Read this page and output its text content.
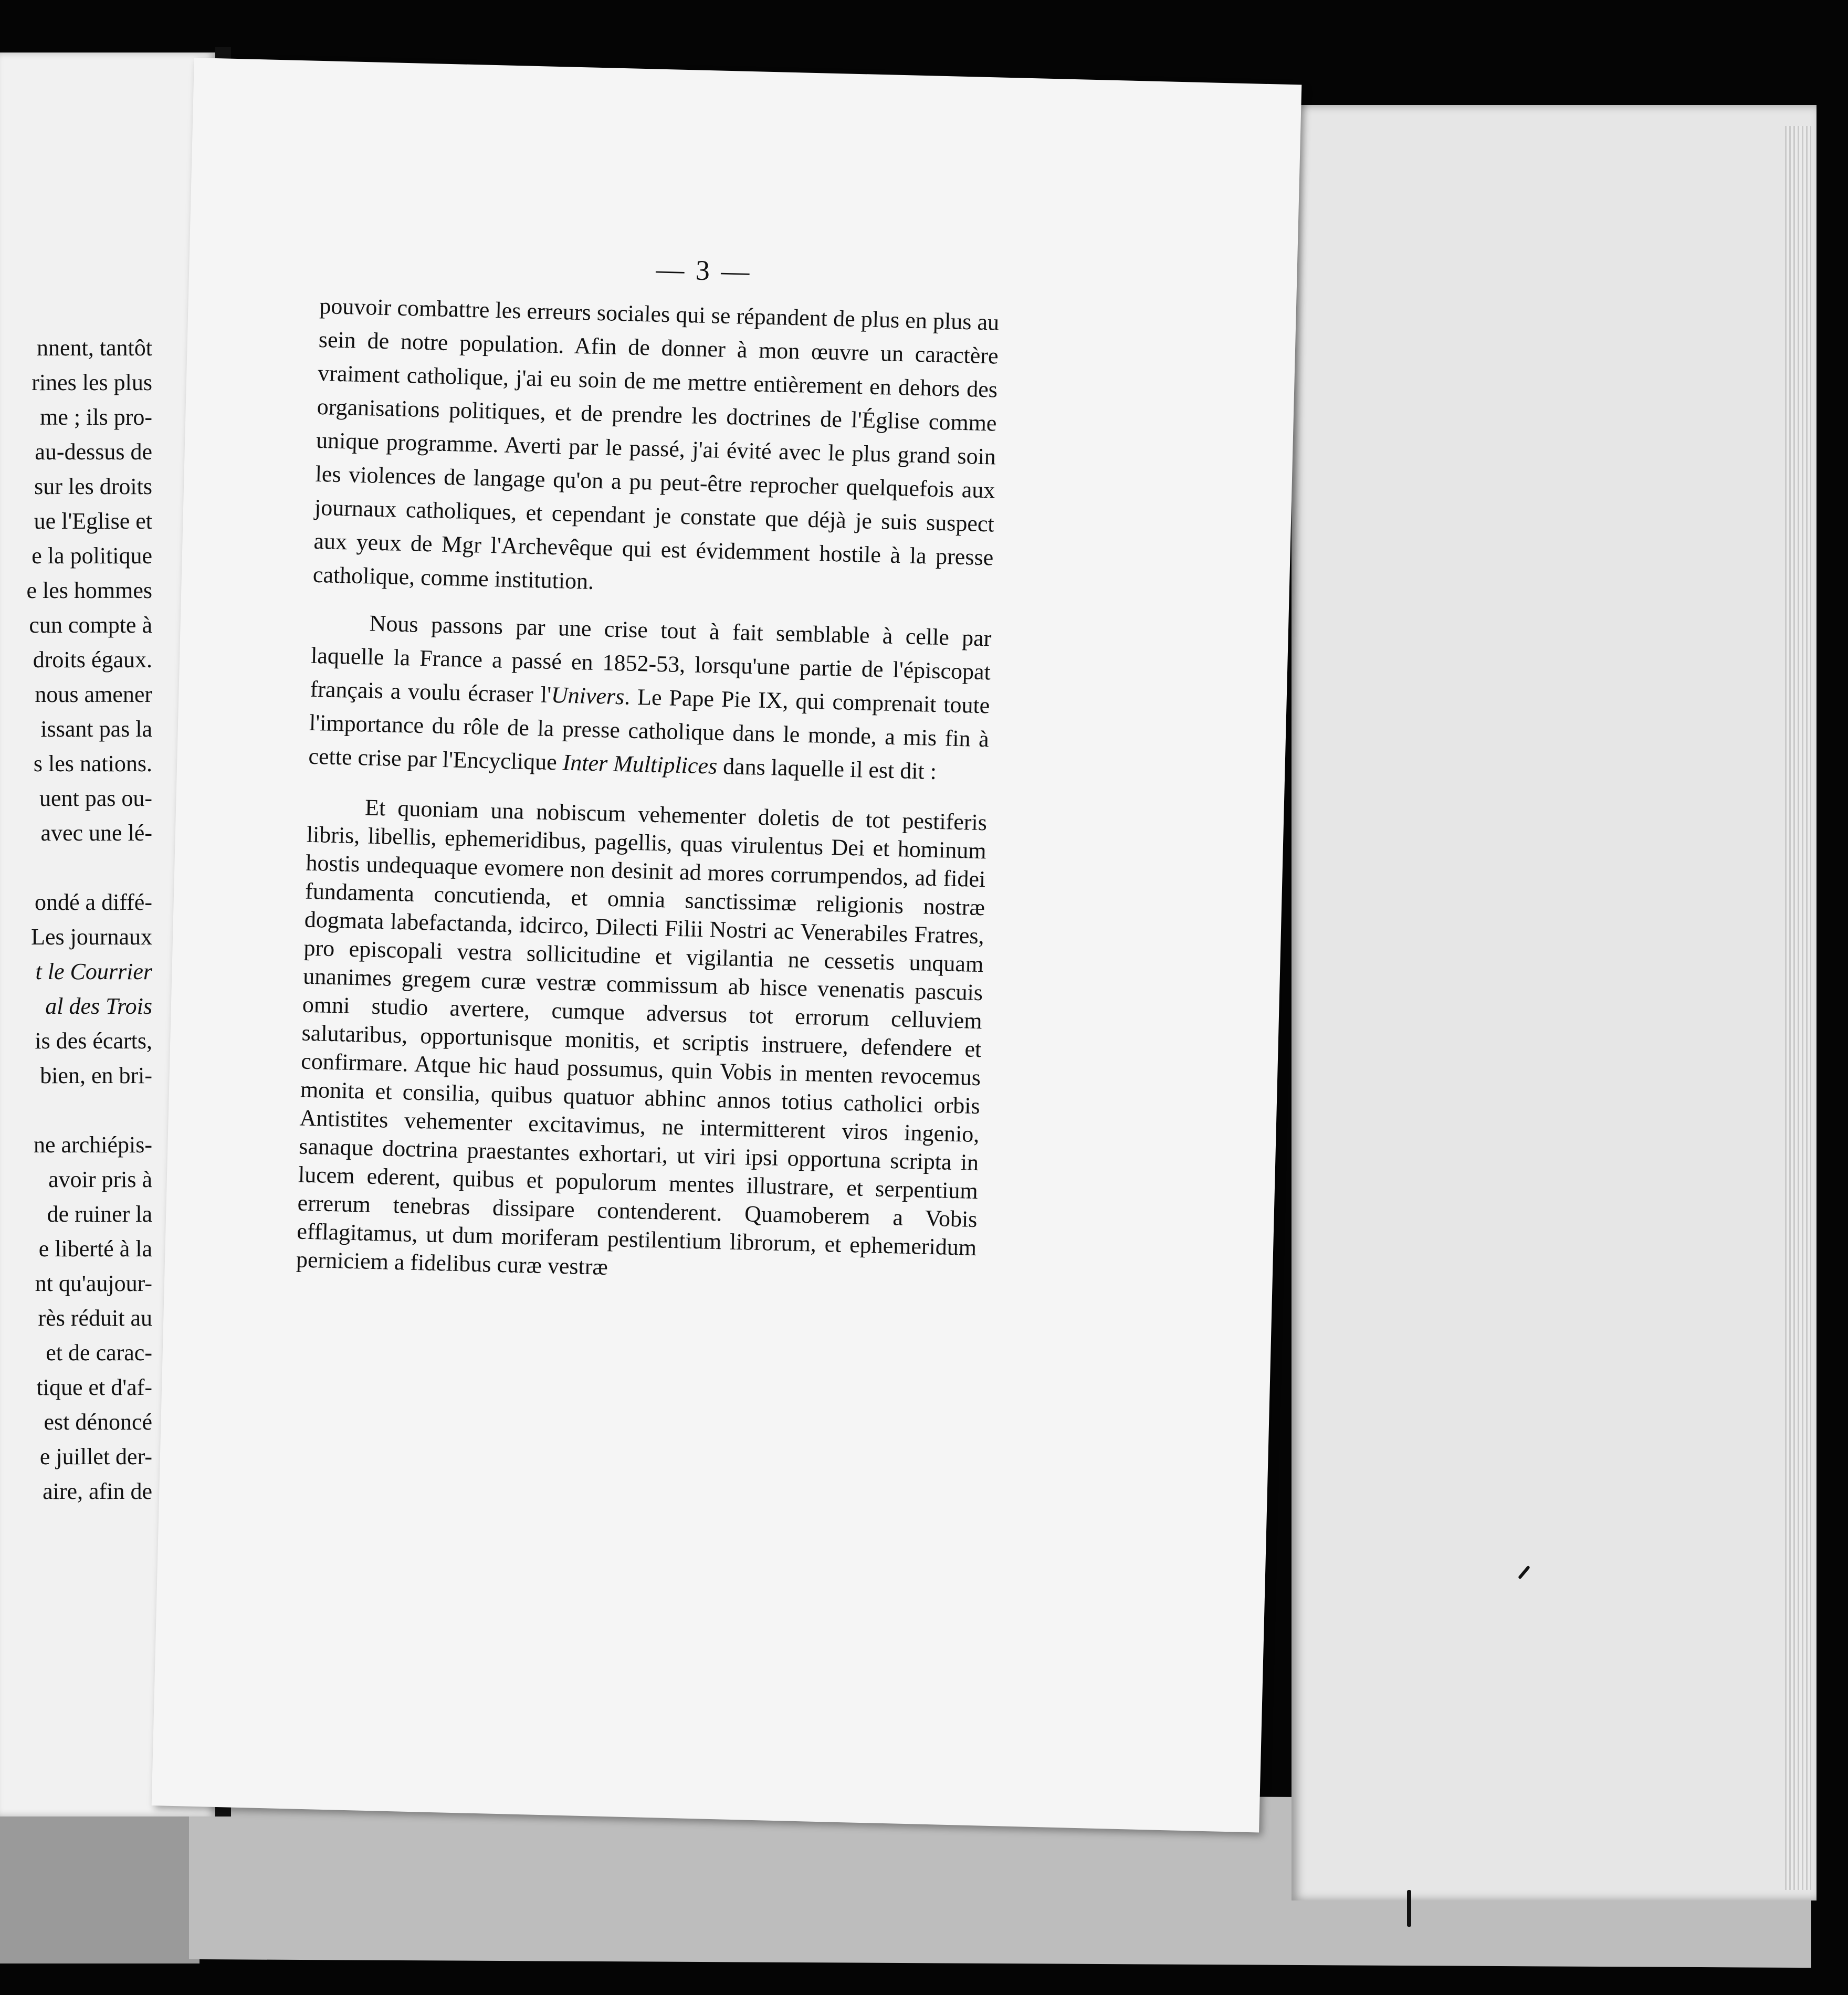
nnent, tantôt
rines les plus
me ; ils pro-
au-dessus de
sur les droits
ue l'Eglise et
e la politique
e les hommes
cun compte à
droits égaux.
nous amener
issant pas la
s les nations.
uent pas ou-
avec une lé-
ondé a diffé-
Les journaux
t le Courrier
al des Trois
is des écarts,
bien, en bri-
ne archiépis-
avoir pris à
de ruiner la
e liberté à la
nt qu'aujour-
rès réduit au
et de carac-
tique et d'af-
est dénoncé
e juillet der-
aire, afin de
— 3 —

pouvoir combattre les erreurs sociales qui se répandent de plus en plus au sein de notre population. Afin de donner à mon œuvre un caractère vraiment catholique, j'ai eu soin de me mettre entièrement en dehors des organisations politiques, et de prendre les doctrines de l'Église comme unique programme. Averti par le passé, j'ai évité avec le plus grand soin les violences de langage qu'on a pu peut-être reprocher quelquefois aux journaux catholiques, et cependant je constate que déjà je suis suspect aux yeux de Mgr l'Archevêque qui est évidemment hostile à la presse catholique, comme institution.

Nous passons par une crise tout à fait semblable à celle par laquelle la France a passé en 1852-53, lorsqu'une partie de l'épiscopat français a voulu écraser l'Univers. Le Pape Pie IX, qui comprenait toute l'importance du rôle de la presse catholique dans le monde, a mis fin à cette crise par l'Encyclique Inter Multiplices dans laquelle il est dit :

Et quoniam una nobiscum vehementer doletis de tot pestiferis libris, libellis, ephemeridibus, pagellis, quas virulentus Dei et hominum hostis undequaque evomere non desinit ad mores corrumpendos, ad fidei fundamenta concutienda, et omnia sanctissimæ religionis nostræ dogmata labefactanda, idcirco, Dilecti Filii Nostri ac Venerabiles Fratres, pro episcopali vestra sollicitudine et vigilantia ne cessetis unquam unanimes gregem curæ vestræ commissum ab hisce venenatis pascuis omni studio avertere, cumque adversus tot errorum celluviem salutaribus, opportunisque monitis, et scriptis instruere, defendere et confirmare. Atque hic haud possumus, quin Vobis in menten revocemus monita et consilia, quibus quatuor abhinc annos totius catholici orbis Antistites vehementer excitavimus, ne intermitterent viros ingenio, sanaque doctrina praestantes exhortari, ut viri ipsi opportuna scripta in lucem ederent, quibus et populorum mentes illustrare, et serpentium errerum tenebras dissipare contenderent. Quamoberem a Vobis efflagitamus, ut dum moriferam pestilentium librorum, et ephemeridum perniciem a fidelibus curæ vestræ
